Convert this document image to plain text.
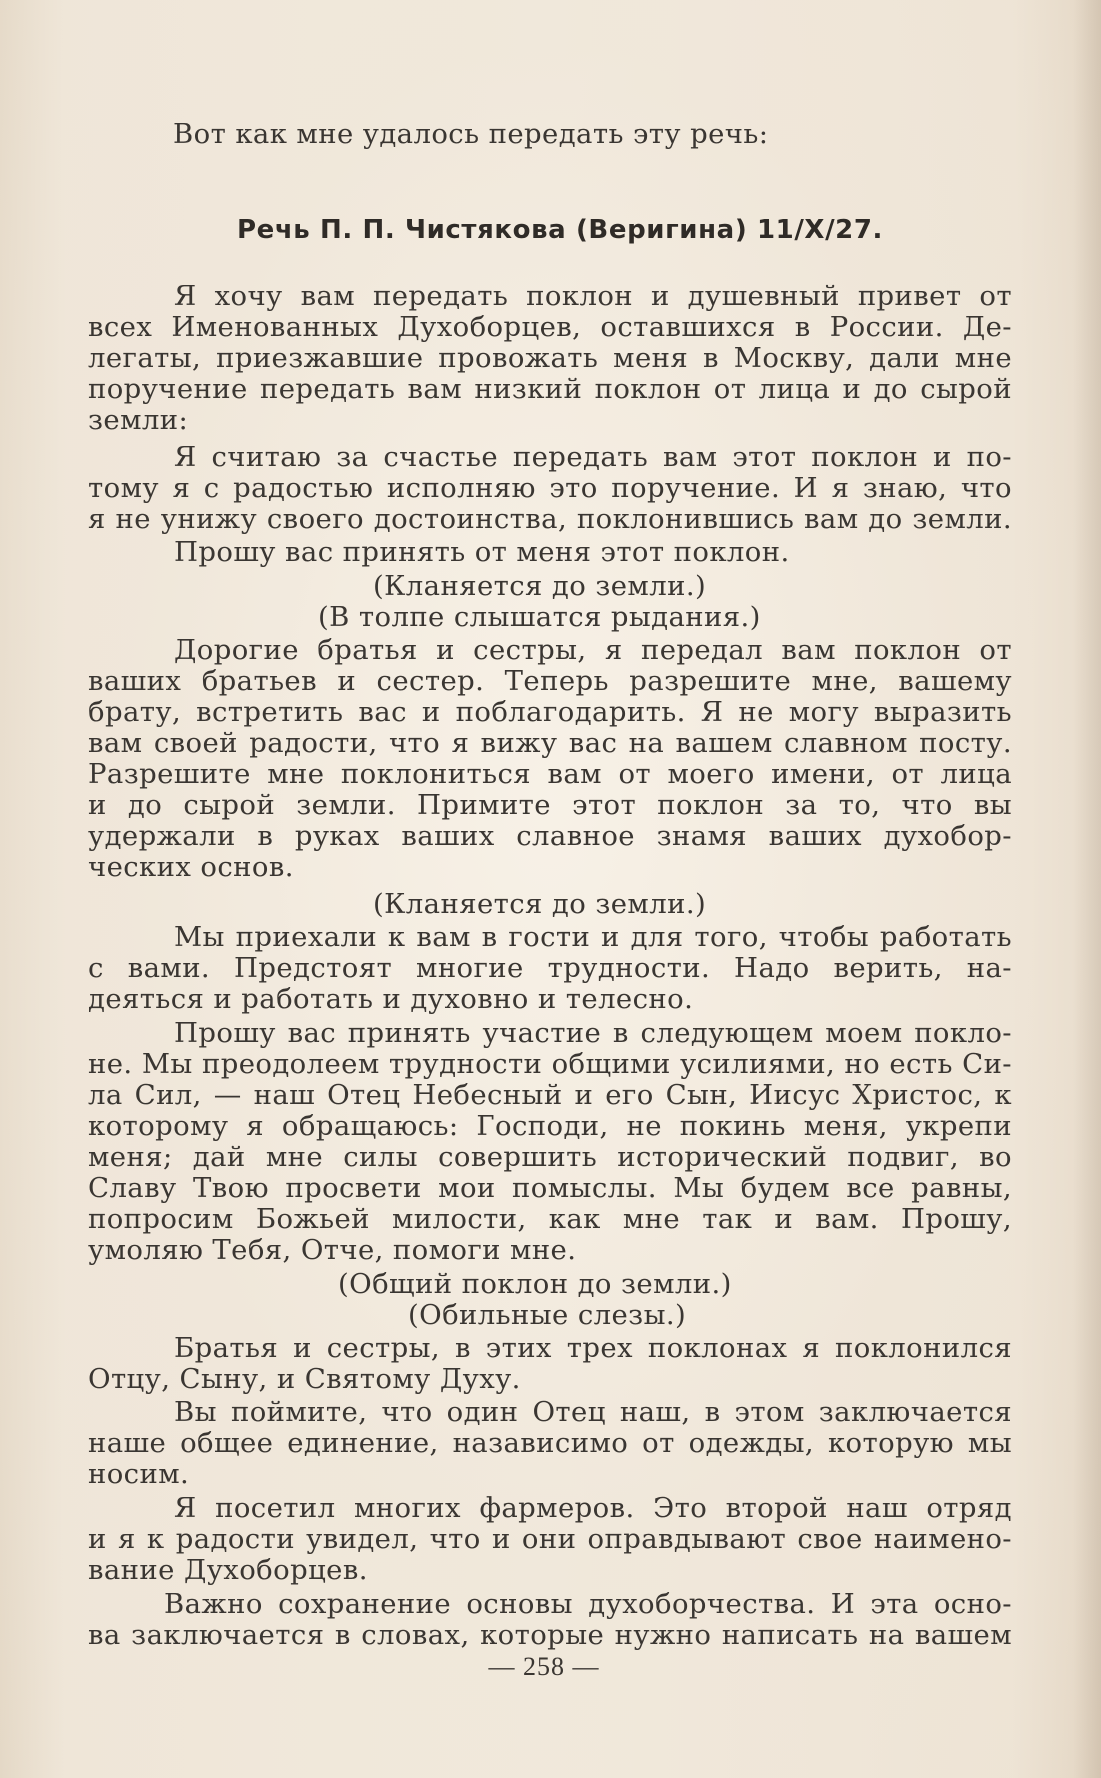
Вот как мне удалось передать эту речь:
Речь П. П. Чистякова (Веригина) 11/X/27.
Я хочу вам передать поклон и душевный привет от
всех Именованных Духоборцев, оставшихся в России. Де-
легаты, приезжавшие провожать меня в Москву, дали мне
поручение передать вам низкий поклон от лица и до сырой
земли:
Я считаю за счастье передать вам этот поклон и по-
тому я с радостью исполняю это поручение. И я знаю, что
я не унижу своего достоинства, поклонившись вам до земли.
Прошу вас принять от меня этот поклон.
(Кланяется до земли.)
(В толпе слышатся рыдания.)
Дорогие братья и сестры, я передал вам поклон от
ваших братьев и сестер. Теперь разрешите мне, вашему
брату, встретить вас и поблагодарить. Я не могу выразить
вам своей радости, что я вижу вас на вашем славном посту.
Разрешите мне поклониться вам от моего имени, от лица
и до сырой земли. Примите этот поклон за то, что вы
удержали в руках ваших славное знамя ваших духобор-
ческих основ.
(Кланяется до земли.)
Мы приехали к вам в гости и для того, чтобы работать
с вами. Предстоят многие трудности. Надо верить, на-
деяться и работать и духовно и телесно.
Прошу вас принять участие в следующем моем покло-
не. Мы преодолеем трудности общими усилиями, но есть Си-
ла Сил, — наш Отец Небесный и его Сын, Иисус Христос, к
которому я обращаюсь: Господи, не покинь меня, укрепи
меня; дай мне силы совершить исторический подвиг, во
Славу Твою просвети мои помыслы. Мы будем все равны,
попросим Божьей милости, как мне так и вам. Прошу,
умоляю Тебя, Отче, помоги мне.
(Общий поклон до земли.)
(Обильные слезы.)
Братья и сестры, в этих трех поклонах я поклонился
Отцу, Сыну, и Святому Духу.
Вы поймите, что один Отец наш, в этом заключается
наше общее единение, назависимо от одежды, которую мы
носим.
Я посетил многих фармеров. Это второй наш отряд
и я к радости увидел, что и они оправдывают свое наимено-
вание Духоборцев.
Важно сохранение основы духоборчества. И эта осно-
ва заключается в словах, которые нужно написать на вашем
— 258 —
